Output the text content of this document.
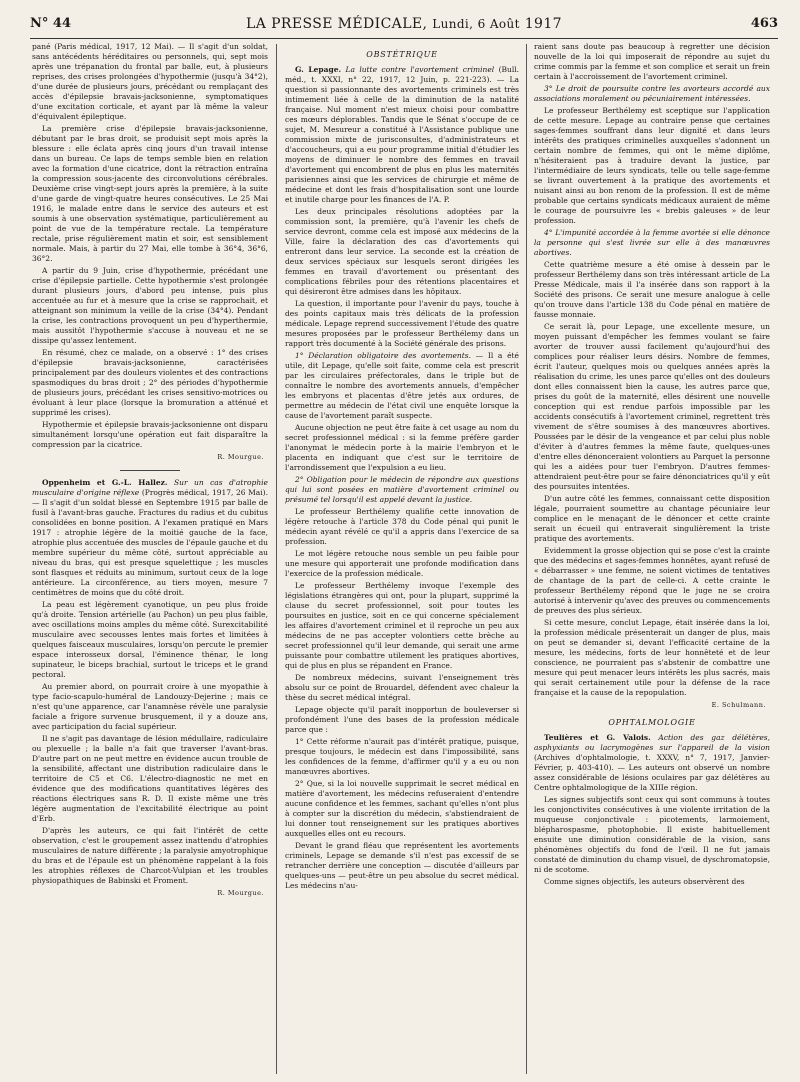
N° 44	LA PRESSE MÉDICALE, Lundi, 6 Août 1917	463

pané (Paris médical, 1917, 12 Mai). — Il s'agit d'un soldat, sans antécédents héréditaires ou personnels, qui, sept mois après une trépanation du frontal par balle, eut, à plusieurs reprises, des crises prolongées d'hypothermie (jusqu'à 34°2), d'une durée de plusieurs jours, précédant ou remplaçant des accès d'épilepsie bravais-jacksonienne, symptomatiques d'une excitation corticale, et ayant par là même la valeur d'équivalent épileptique.

La première crise d'épilepsie bravais-jacksonienne, débutant par le bras droit, se produisit sept mois après la blessure : elle éclata après cinq jours d'un travail intense dans un bureau. Ce laps de temps semble bien en relation avec la formation d'une cicatrice, dont la rétraction entraîna la compression sous-jacente des circonvolutions cérébrales. Deuxième crise vingt-sept jours après la première, à la suite d'une garde de vingt-quatre heures consécutives. Le 25 Mai 1916, le malade entre dans le service des auteurs et est soumis à une observation systématique, particulièrement au point de vue de la température rectale. La température rectale, prise régulièrement matin et soir, est sensiblement normale. Mais, à partir du 27 Mai, elle tombe à 36°4, 36°6, 36°2.

A partir du 9 Juin, crise d'hypothermie, précédant une crise d'épilepsie partielle. Cette hypothermie s'est prolongée durant plusieurs jours, d'abord peu intense, puis plus accentuée au fur et à mesure que la crise se rapprochait, et atteignant son minimum la veille de la crise (34°4). Pendant la crise, les contractions provoquent un peu d'hyperthermie, mais aussitôt l'hypothermie s'accuse à nouveau et ne se dissipe qu'assez lentement.

En résumé, chez ce malade, on a observé : 1° des crises d'épilepsie bravais-jacksonienne, caractérisées principalement par des douleurs violentes et des contractions spasmodiques du bras droit ; 2° des périodes d'hypothermie de plusieurs jours, précédant les crises sensitivo-motrices ou évoluant à leur place (lorsque la bromuration a atténué et supprimé les crises).

Hypothermie et épilepsie bravais-jacksonienne ont disparu simultanément lorsqu'une opération eut fait disparaître la compression par la cicatrice.

R. Mourgue.

Oppenheim et G.-L. Hallez. Sur un cas d'atrophie musculaire d'origine réflexe (Progrès médical, 1917, 26 Mai). — Il s'agit d'un soldat blessé en Septembre 1915 par balle de fusil à l'avant-bras gauche. Fractures du radius et du cubitus consolidées en bonne position. A l'examen pratiqué en Mars 1917 : atrophie légère de la moitié gauche de la face, atrophie plus accentuée des muscles de l'épaule gauche et du membre supérieur du même côté, surtout appréciable au niveau du bras, qui est presque squelettique ; les muscles sont flasques et réduits au minimum, surtout ceux de la loge antérieure. La circonférence, au tiers moyen, mesure 7 centimètres de moins que du côté droit.

La peau est légèrement cyanotique, un peu plus froide qu'à droite. Tension artérielle (au Pachon) un peu plus faible, avec oscillations moins amples du même côté. Surexcitabilité musculaire avec secousses lentes mais fortes et limitées à quelques faisceaux musculaires, lorsqu'on percute le premier espace interosseux dorsal, l'éminence thénar, le long supinateur, le biceps brachial, surtout le triceps et le grand pectoral.

Au premier abord, on pourrait croire à une myopathie à type facio-scapulo-huméral de Landouzy-Dejerine ; mais ce n'est qu'une apparence, car l'anamnèse révèle une paralysie faciale a frigore survenue brusquement, il y a douze ans, avec participation du facial supérieur.

Il ne s'agit pas davantage de lésion médullaire, radiculaire ou plexuelle ; la balle n'a fait que traverser l'avant-bras. D'autre part on ne peut mettre en évidence aucun trouble de la sensibilité, affectant une distribution radiculaire dans le territoire de C5 et C6. L'électro-diagnostic ne met en évidence que des modifications quantitatives légères des réactions électriques sans R. D. Il existe même une très légère augmentation de l'excitabilité électrique au point d'Erb.

D'après les auteurs, ce qui fait l'intérêt de cette observation, c'est le groupement assez inattendu d'atrophies musculaires de nature différente ; la paralysie amyotrophique du bras et de l'épaule est un phénomène rappelant à la fois les atrophies réflexes de Charcot-Vulpian et les troubles physiopathiques de Babinski et Froment.

R. Mourgue.
OBSTÉTRIQUE

G. Lepage. La lutte contre l'avortement criminel (Bull. méd., t. XXXI, n° 22, 1917, 12 Juin, p. 221-223). — La question si passionnante des avortements criminels est très intimement liée à celle de la diminution de la natalité française. Nul moment n'est mieux choisi pour combattre ces mœurs déplorables. Tandis que le Sénat s'occupe de ce sujet, M. Mesureur a constitué à l'Assistance publique une commission mixte de jurisconsultes, d'administrateurs et d'accoucheurs, qui a eu pour programme initial d'étudier les moyens de diminuer le nombre des femmes en travail d'avortement qui encombrent de plus en plus les maternités parisiennes ainsi que les services de chirurgie et même de médecine et dont les frais d'hospitalisation sont une lourde et inutile charge pour les finances de l'A. P.

Les deux principales résolutions adoptées par la commission sont, la première, qu'à l'avenir les chefs de service devront, comme cela est imposé aux médecins de la Ville, faire la déclaration des cas d'avortements qui entreront dans leur service. La seconde est la création de deux services spéciaux sur lesquels seront dirigées les femmes en travail d'avortement ou présentant des complications fébriles pour des rétentions placentaires et qui désireront être admises dans les hôpitaux.

La question, il importante pour l'avenir du pays, touche à des points capitaux mais très délicats de la profession médicale. Lepage reprend successivement l'étude des quatre mesures proposées par le professeur Berthélemy dans un rapport très documenté à la Société générale des prisons.

1° Déclaration obligatoire des avortements. — Il a été utile, dit Lepage, qu'elle soit faite, comme cela est prescrit par les circulaires préfectorales, dans le triple but de connaître le nombre des avortements annuels, d'empêcher les embryons et placentas d'être jetés aux ordures, de permettre au médecin de l'état civil une enquête lorsque la cause de l'avortement paraît suspecte.

Aucune objection ne peut être faite à cet usage au nom du secret professionnel médical : si la femme préfère garder l'anonymat le médecin porte à la mairie l'embryon et le placenta en indiquant que c'est sur le territoire de l'arrondissement que l'expulsion a eu lieu.

2° Obligation pour le médecin de répondre aux questions qui lui sont posées en matière d'avortement criminel ou présumé tel lorsqu'il est appelé devant la justice.

Le professeur Berthélemy qualifie cette innovation de légère retouche à l'article 378 du Code pénal qui punit le médecin ayant révélé ce qu'il a appris dans l'exercice de sa profession.

Le mot légère retouche nous semble un peu faible pour une mesure qui apporterait une profonde modification dans l'exercice de la profession médicale.

Le professeur Berthélemy invoque l'exemple des législations étrangères qui ont, pour la plupart, supprimé la clause du secret professionnel, soit pour toutes les poursuites en justice, soit en ce qui concerne spécialement les affaires d'avortement criminel et il reproche un peu aux médecins de ne pas accepter volontiers cette brèche au secret professionnel qu'il leur demande, qui serait une arme puissante pour combattre utilement les pratiques abortives, qui de plus en plus se répandent en France.

De nombreux médecins, suivant l'enseignement très absolu sur ce point de Brouardel, défendent avec chaleur la thèse du secret médical intégral.

Lepage objecte qu'il paraît inopportun de bouleverser si profondément l'une des bases de la profession médicale parce que :

1° Cette réforme n'aurait pas d'intérêt pratique, puisque, presque toujours, le médecin est dans l'impossibilité, sans les confidences de la femme, d'affirmer qu'il y a eu ou non manœuvres abortives.

2° Que, si la loi nouvelle supprimait le secret médical en matière d'avortement, les médecins refuseraient d'entendre aucune confidence et les femmes, sachant qu'elles n'ont plus à compter sur la discrétion du médecin, s'abstiendraient de lui donner tout renseignement sur les pratiques abortives auxquelles elles ont eu recours.

Devant le grand fléau que représentent les avortements criminels, Lepage se demande s'il n'est pas excessif de se retrancher derrière une conception — discutée d'ailleurs par quelques-uns — peut-être un peu absolue du secret médical. Les médecins n'au-

raient sans doute pas beaucoup à regretter une décision nouvelle de la loi qui imposerait de répondre au sujet du crime commis par la femme et son complice et serait un frein certain à l'accroissement de l'avortement criminel.

3° Le droit de poursuite contre les avorteurs accordé aux associations moralement ou pécuniairement intéressées.

Le professeur Berthélemy est sceptique sur l'application de cette mesure. Lepage au contraire pense que certaines sages-femmes souffrant dans leur dignité et dans leurs intérêts des pratiques criminelles auxquelles s'adonnent un certain nombre de femmes, qui ont le même diplôme, n'hésiteraient pas à traduire devant la justice, par l'intermédiaire de leurs syndicats, telle ou telle sage-femme se livrant ouvertement à la pratique des avortements et nuisant ainsi au bon renom de la profession. Il est de même probable que certains syndicats médicaux auraient de même le courage de poursuivre les « brebis galeuses » de leur profession.

4° L'impunité accordée à la femme avortée si elle dénonce la personne qui s'est livrée sur elle à des manœuvres abortives.

Cette quatrième mesure a été omise à dessein par le professeur Berthélemy dans son très intéressant article de La Presse Médicale, mais il l'a insérée dans son rapport à la Société des prisons. Ce serait une mesure analogue à celle qu'on trouve dans l'article 138 du Code pénal en matière de fausse monnaie.

Ce serait là, pour Lepage, une excellente mesure, un moyen puissant d'empêcher les femmes voulant se faire avorter de trouver aussi facilement qu'aujourd'hui des complices pour réaliser leurs désirs. Nombre de femmes, écrit l'auteur, quelques mois ou quelques années après la réalisation du crime, les unes parce qu'elles ont des douleurs dont elles connaissent bien la cause, les autres parce que, prises du goût de la maternité, elles désirent une nouvelle conception qui est rendue parfois impossible par les accidents consécutifs à l'avortement criminel, regrettent très vivement de s'être soumises à des manœuvres abortives. Poussées par le désir de la vengeance et par celui plus noble d'éviter à d'autres femmes la même faute, quelques-unes d'entre elles dénonceraient volontiers au Parquet la personne qui les a aidées pour tuer l'embryon. D'autres femmes-attendraient peut-être pour se faire dénonciatrices qu'il y eût des poursuites intentées.

D'un autre côté les femmes, connaissant cette disposition légale, pourraient soumettre au chantage pécuniaire leur complice en le menaçant de le dénoncer et cette crainte serait un écueil qui entraverait singulièrement la triste pratique des avortements.

Evidemment la grosse objection qui se pose c'est la crainte que des médecins et sages-femmes honnêtes, ayant refusé de « débarrasser » une femme, ne soient victimes de tentatives de chantage de la part de celle-ci. A cette crainte le professeur Berthélemy répond que le juge ne se croira autorisé à intervenir qu'avec des preuves ou commencements de preuves des plus sérieux.

Si cette mesure, conclut Lepage, était insérée dans la loi, la profession médicale présenterait un danger de plus, mais on peut se demander si, devant l'efficacité certaine de la mesure, les médecins, forts de leur honnêteté et de leur conscience, ne pourraient pas s'abstenir de combattre une mesure qui peut menacer leurs intérêts les plus sacrés, mais qui serait certainement utile pour la défense de la race française et la cause de la repopulation.

E. Schulmann.
OPHTALMOLOGIE

Teulières et G. Valois. Action des gaz délétères, asphyxiants ou lacrymogènes sur l'appareil de la vision (Archives d'ophtalmologie, t. XXXV, n° 7, 1917, Janvier-Février, p. 403-410). — Les auteurs ont observé un nombre assez considérable de lésions oculaires par gaz délétères au Centre ophtalmologique de la XIIIe région.

Les signes subjectifs sont ceux qui sont communs à toutes les conjonctivites consécutives à une violente irritation de la muqueuse conjonctivale : picotements, larmoiement, blépharospasme, photophobie. Il existe habituellement ensuite une diminution considérable de la vision, sans phénomènes objectifs du fond de l'œil. Il ne fut jamais constaté de diminution du champ visuel, de dyschromatopsie, ni de scotome.

Comme signes objectifs, les auteurs observèrent des
